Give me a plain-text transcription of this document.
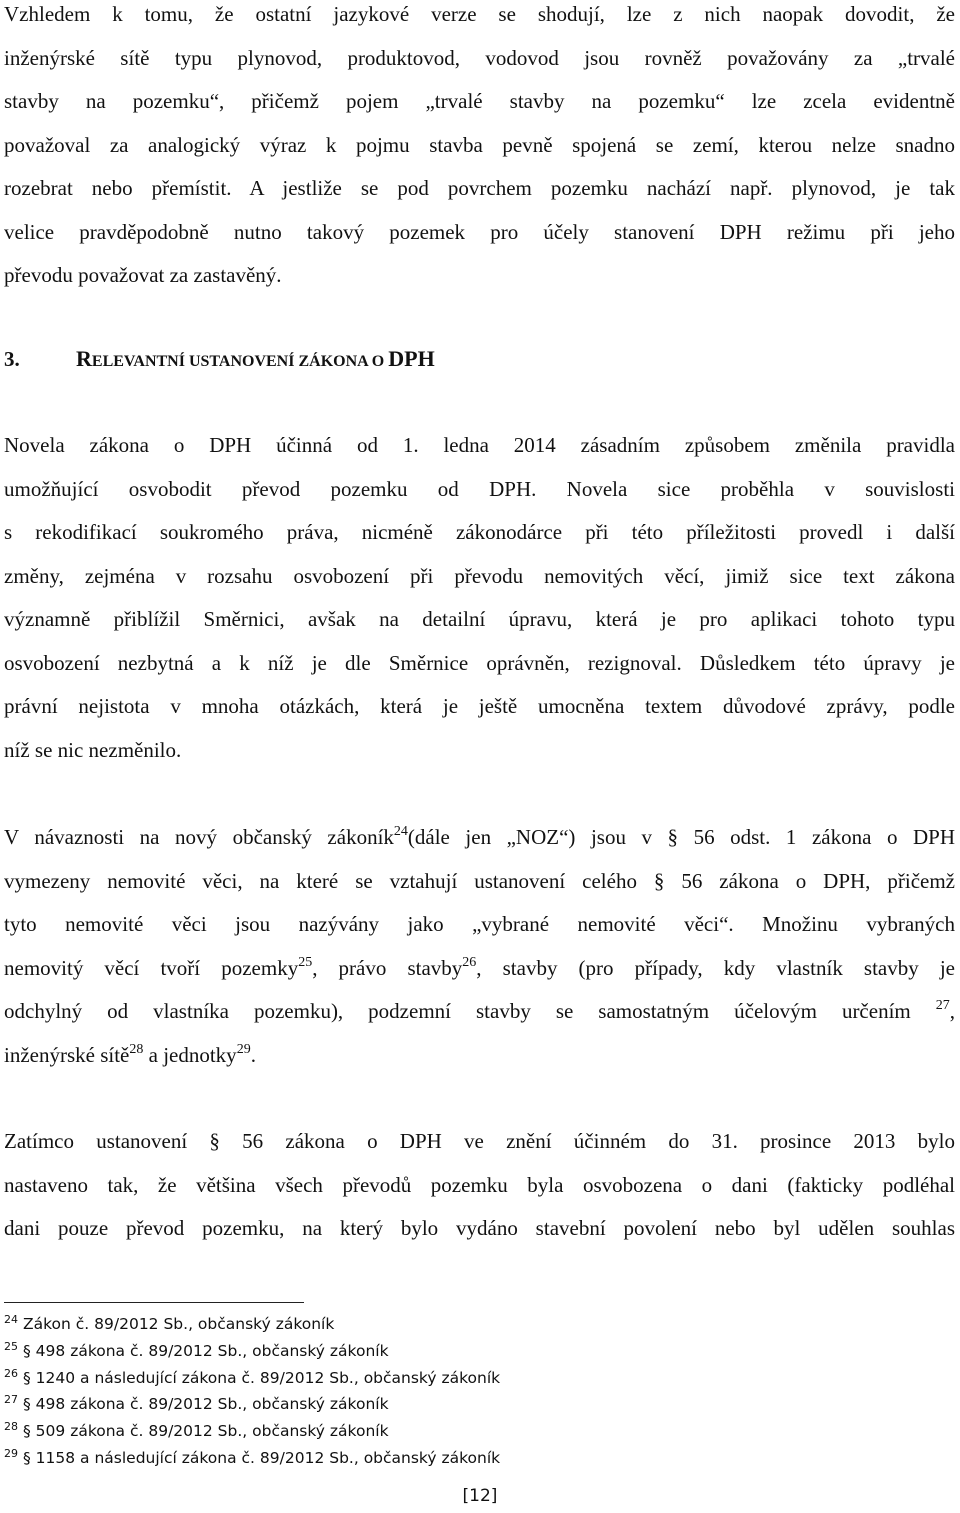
Vzhledem k tomu, že ostatní jazykové verze se shodují, lze z nich naopak dovodit, že
inženýrské sítě typu plynovod, produktovod, vodovod jsou rovněž považovány za „trvalé
stavby na pozemku“, přičemž pojem „trvalé stavby na pozemku“ lze zcela evidentně
považoval za analogický výraz k pojmu stavba pevně spojená se zemí, kterou nelze snadno
rozebrat nebo přemístit. A jestliže se pod povrchem pozemku nachází např. plynovod, je tak
velice pravděpodobně nutno takový pozemek pro účely stanovení DPH režimu při jeho
převodu považovat za zastavěný.

3.	RELEVANTNÍ USTANOVENÍ ZÁKONA O DPH

Novela zákona o DPH účinná od 1. ledna 2014 zásadním způsobem změnila pravidla
umožňující osvobodit převod pozemku od DPH. Novela sice proběhla v souvislosti
s rekodifikací soukromého práva, nicméně zákonodárce při této příležitosti provedl i další
změny, zejména v rozsahu osvobození při převodu nemovitých věcí, jimiž sice text zákona
významně přiblížil Směrnici, avšak na detailní úpravu, která je pro aplikaci tohoto typu
osvobození nezbytná a k níž je dle Směrnice oprávněn, rezignoval. Důsledkem této úpravy je
právní nejistota v mnoha otázkách, která je ještě umocněna textem důvodové zprávy, podle
níž se nic nezměnilo.

V návaznosti na nový občanský zákoník$^{24}$(dále jen „NOZ“) jsou v § 56 odst. 1 zákona o DPH
vymezeny nemovité věci, na které se vztahují ustanovení celého § 56 zákona o DPH, přičemž
tyto nemovité věci jsou nazývány jako „vybrané nemovité věci“. Množinu vybraných
nemovitý věcí tvoří pozemky$^{25}$, právo stavby$^{26}$, stavby (pro případy, kdy vlastník stavby je
odchylný od vlastníka pozemku), podzemní stavby se samostatným účelovým určením $^{27}$,
inženýrské sítě$^{28}$ a jednotky$^{29}$.

Zatímco ustanovení § 56 zákona o DPH ve znění účinném do 31. prosince 2013 bylo
nastaveno tak, že většina všech převodů pozemku byla osvobozena o dani (fakticky podléhal
dani pouze převod pozemku, na který bylo vydáno stavební povolení nebo byl udělen souhlas

$^{24}$ Zákon č. 89/2012 Sb., občanský zákoník
$^{25}$ § 498 zákona č. 89/2012 Sb., občanský zákoník
$^{26}$ § 1240 a následující zákona č. 89/2012 Sb., občanský zákoník
$^{27}$ § 498 zákona č. 89/2012 Sb., občanský zákoník
$^{28}$ § 509 zákona č. 89/2012 Sb., občanský zákoník
$^{29}$ § 1158 a následující zákona č. 89/2012 Sb., občanský zákoník
[12]
